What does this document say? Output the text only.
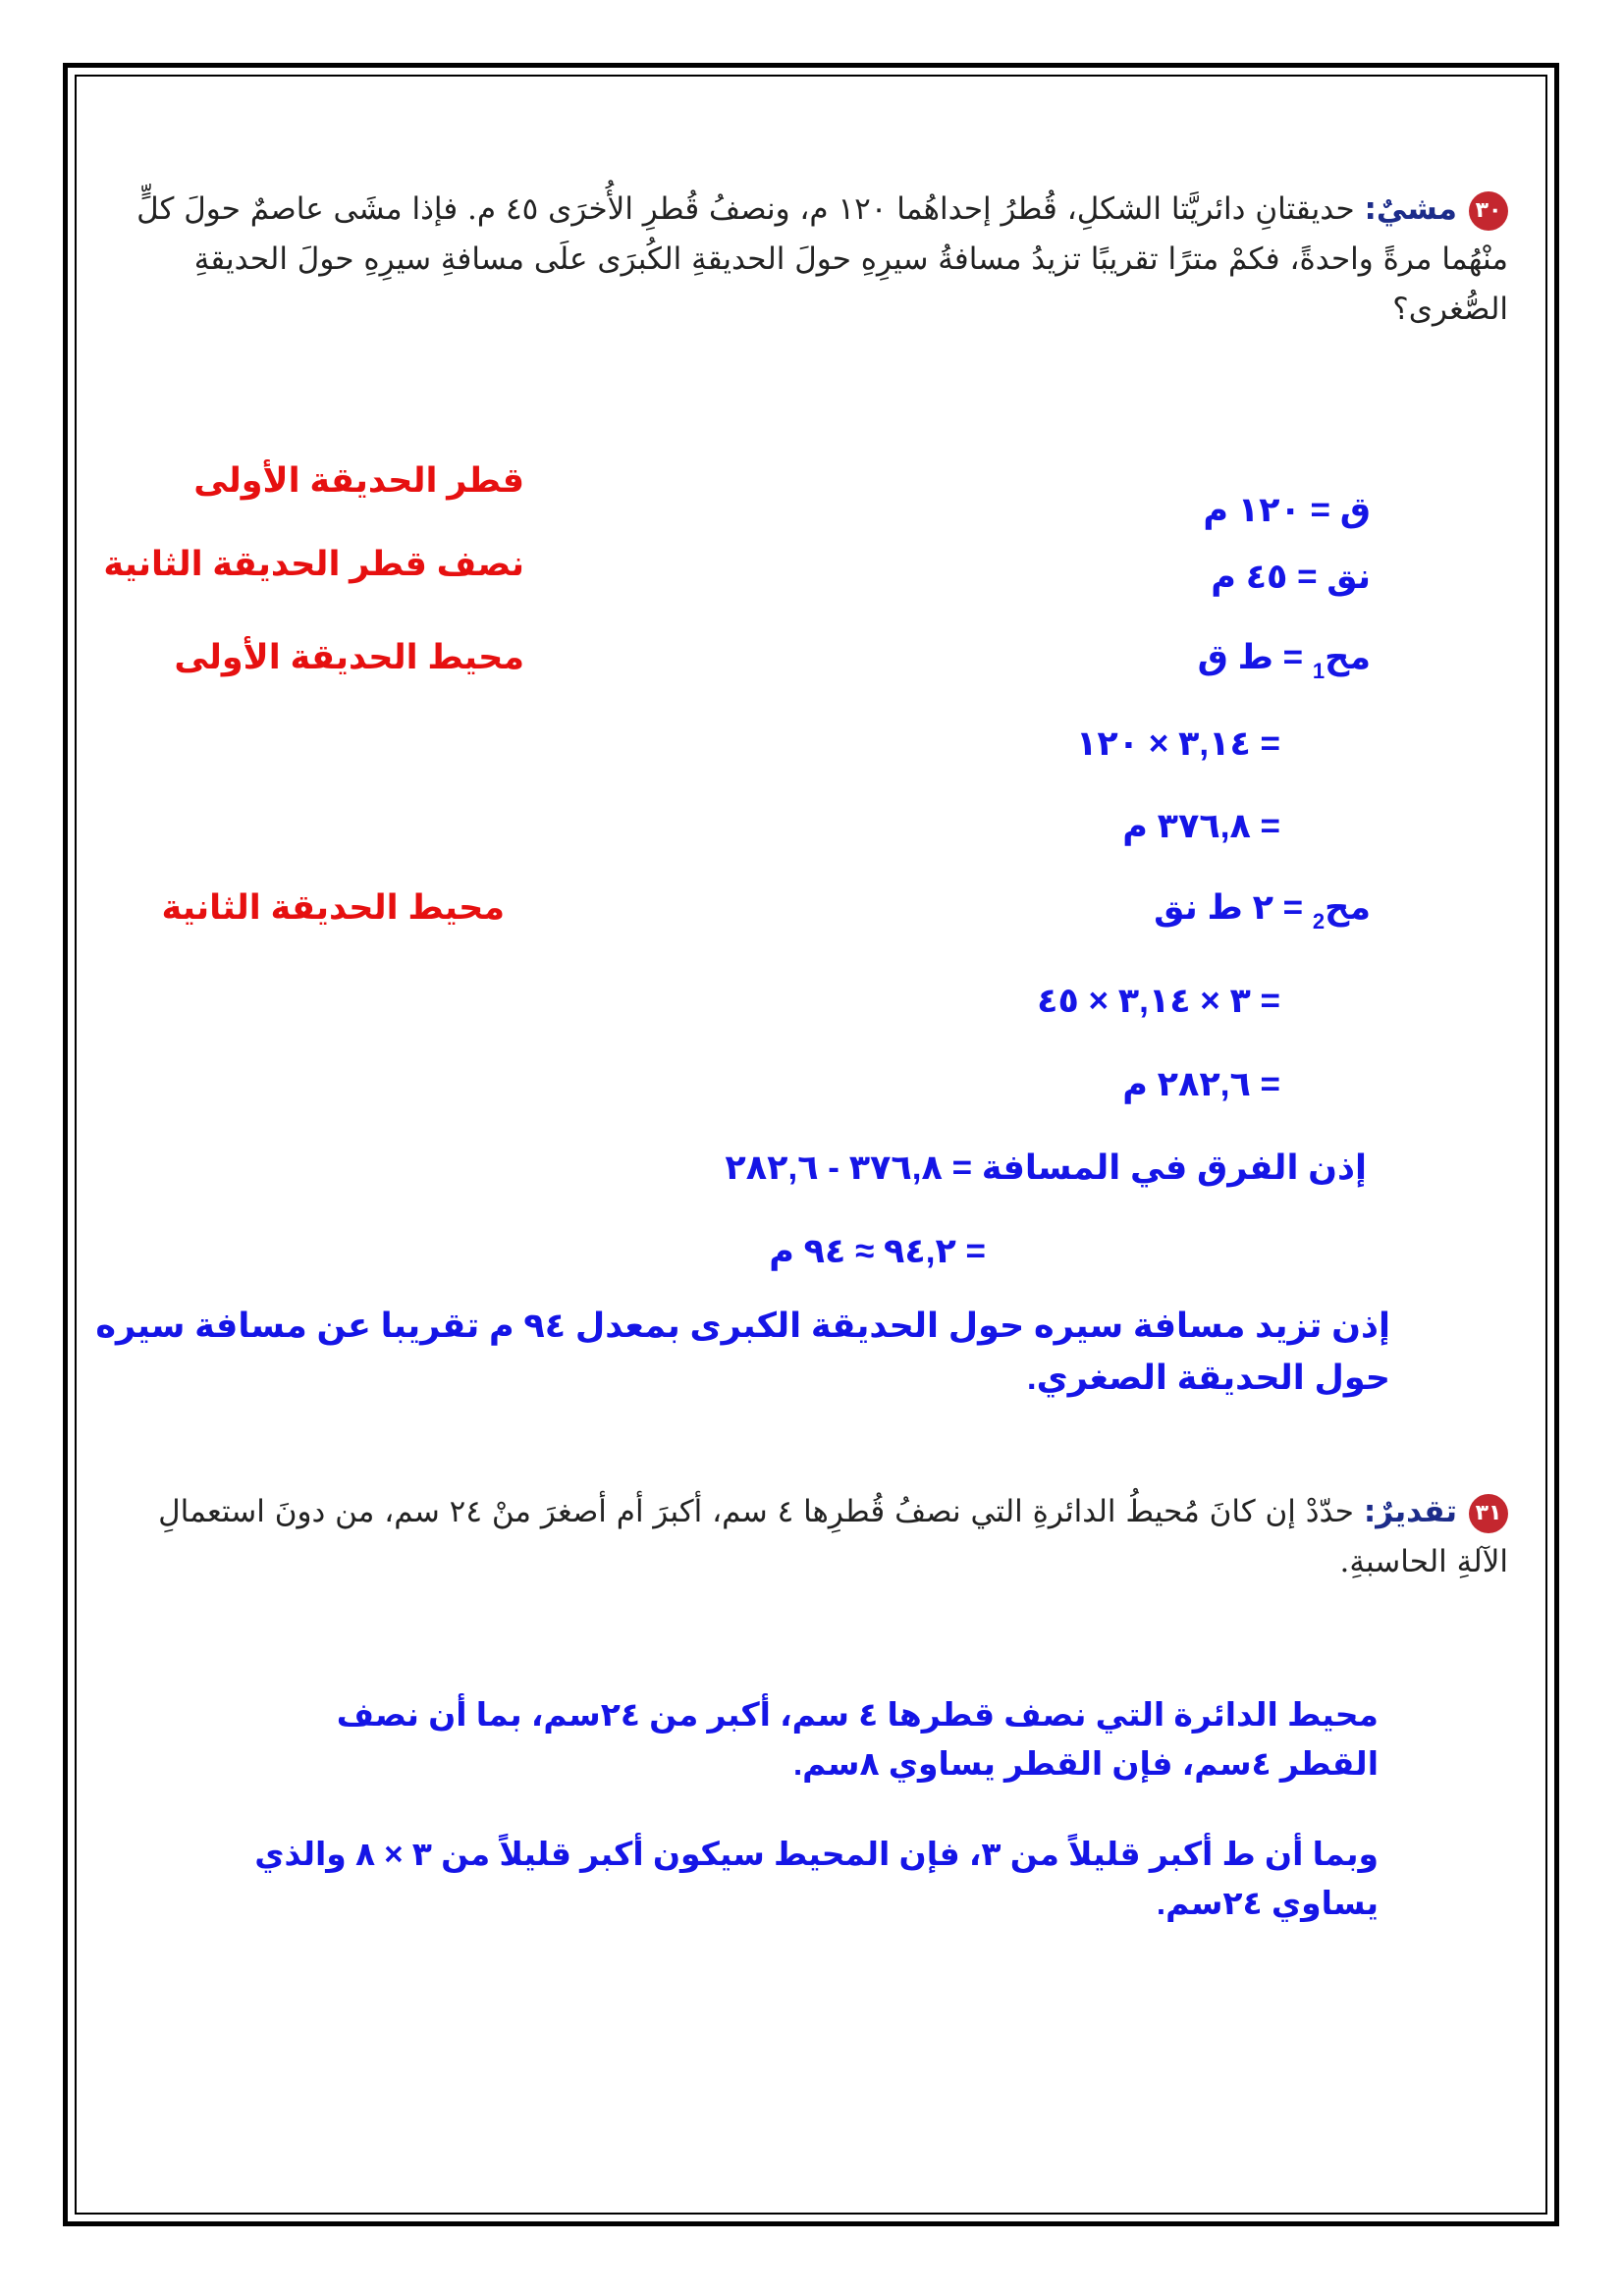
٣٠مشيٌ: حديقتانِ دائريَّتا الشكلِ، قُطرُ إحداهُما ١٢٠ م، ونصفُ قُطرِ الأُخرَى ٤٥ م. فإذا مشَى عاصمٌ حولَ كلٍّ منْهُما مرةً واحدةً، فكمْ مترًا تقريبًا تزيدُ مسافةُ سيرِهِ حولَ الحديقةِ الكُبرَى علَى مسافةِ سيرِهِ حولَ الحديقةِ الصُّغرى؟
ق = ١٢٠ م
قطر الحديقة الأولى
نق = ٤٥ م
نصف قطر الحديقة الثانية
مح$_1$ = ط ق
محيط الحديقة الأولى
= ٣,١٤ × ١٢٠
= ٣٧٦,٨ م
مح$_2$ = ٢ ط نق
محيط الحديقة الثانية
= ٣ × ٣,١٤ × ٤٥
= ٢٨٢,٦ م
إذن الفرق في المسافة = ٣٧٦,٨ - ٢٨٢,٦
= ٩٤,٢ ≈ ٩٤ م
إذن تزيد مسافة سيره حول الحديقة الكبرى بمعدل ٩٤ م تقريبا عن مسافة سيره حول الحديقة الصغري.
٣١تقديرٌ: حدّدْ إن كانَ مُحيطُ الدائرةِ التي نصفُ قُطرِها ٤ سم، أكبرَ أم أصغرَ منْ ٢٤ سم، من دونَ استعمالِ الآلةِ الحاسبةِ.
محيط الدائرة التي نصف قطرها ٤ سم، أكبر من ٢٤سم، بما أن نصف القطر ٤سم، فإن القطر يساوي ٨سم.
وبما أن ط أكبر قليلاً من ٣، فإن المحيط سيكون أكبر قليلاً من ٣ × ٨ والذي يساوي ٢٤سم.
